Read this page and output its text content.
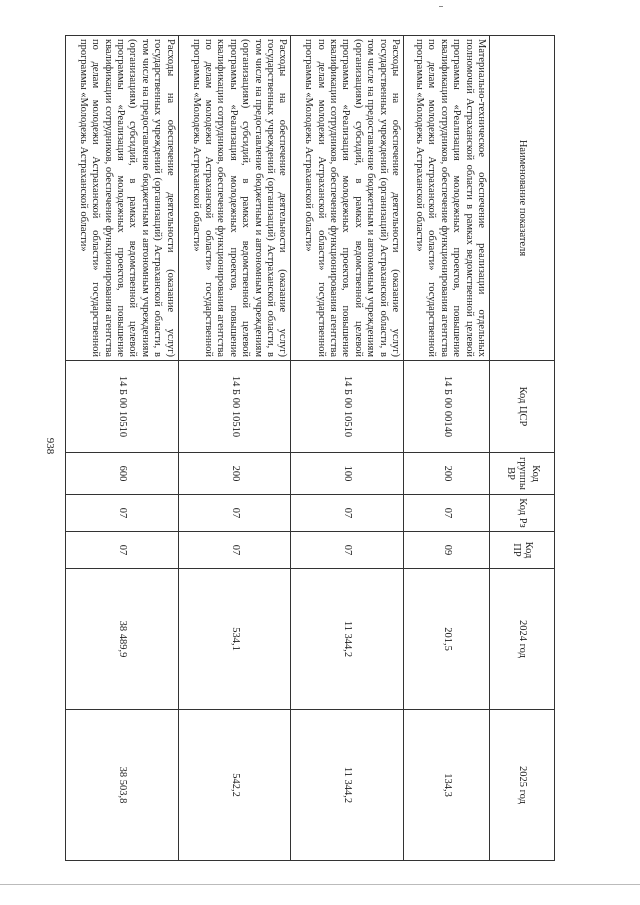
938
Наименование показателя	Код ЦСР	Код группы ВР	Код Рз	Код ПР	2024 год	2025 год
Материально-техническое обеспечение реализации отдельных полномочий Астраханской области в рамках ведомственной целевой программы «Реализация молодежных проектов, повышение квалификации сотрудников, обеспечение функционирования агентства по делам молодежи Астраханской области» государственной программы «Молодежь Астраханской области»	14 Б 00 00140	200	07	09	201,5	134,3
Расходы на обеспечение деятельности (оказание услуг) государственных учреждений (организаций) Астраханской области, в том числе на предоставление бюджетным и автономным учреждениям (организациям) субсидий, в рамках ведомственной целевой программы «Реализация молодежных проектов, повышение квалификации сотрудников, обеспечение функционирования агентства по делам молодежи Астраханской области» государственной программы «Молодежь Астраханской области»	14 Б 00 10510	100	07	07	11 344,2	11 344,2
Расходы на обеспечение деятельности (оказание услуг) государственных учреждений (организаций) Астраханской области, в том числе на предоставление бюджетным и автономным учреждениям (организациям) субсидий, в рамках ведомственной целевой программы «Реализация молодежных проектов, повышение квалификации сотрудников, обеспечение функционирования агентства по делам молодежи Астраханской области» государственной программы «Молодежь Астраханской области»	14 Б 00 10510	200	07	07	534,1	542,2
Расходы на обеспечение деятельности (оказание услуг) государственных учреждений (организаций) Астраханской области, в том числе на предоставление бюджетным и автономным учреждениям (организациям) субсидий, в рамках ведомственной целевой программы «Реализация молодежных проектов, повышение квалификации сотрудников, обеспечение функционирования агентства по делам молодежи Астраханской области» государственной программы «Молодежь Астраханской области»	14 Б 00 10510	600	07	07	38 489,9	38 503,8
